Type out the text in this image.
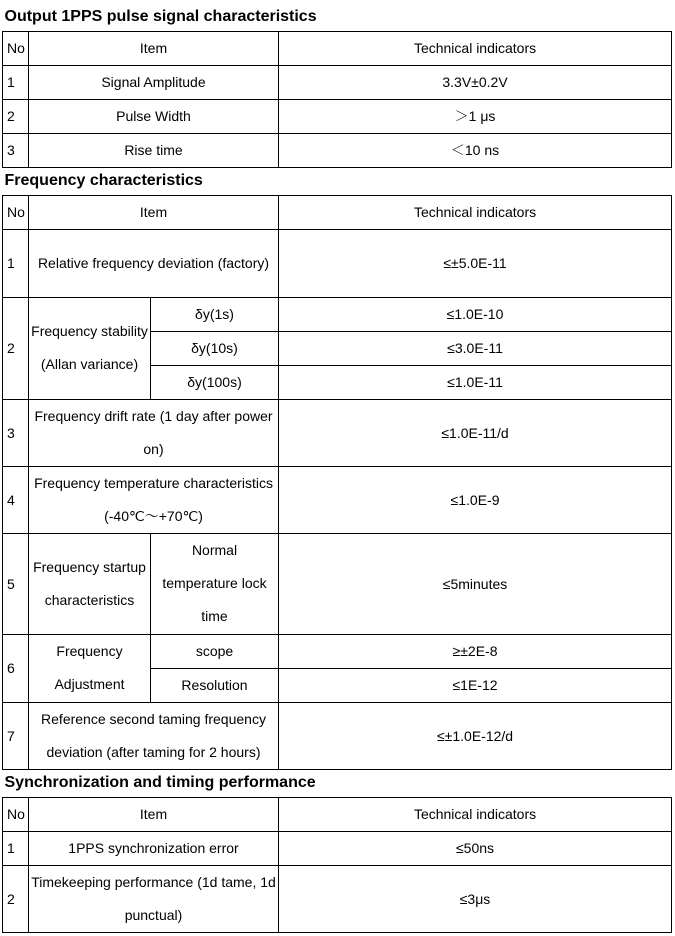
Output 1PPS pulse signal characteristics			
No	Item		Technical indicators
1	Signal Amplitude		3.3V±0.2V
2	Pulse Width		＞1 μs
3	Rise time		＜10 ns
Frequency characteristics			
No	Item		Technical indicators
1	Relative frequency deviation (factory)		≤±5.0E-11
2	Frequency stability (Allan variance)	δy(1s)	≤1.0E-10
		δy(10s)	≤3.0E-11
		δy(100s)	≤1.0E-11
3	Frequency drift rate (1 day after power on)		≤1.0E-11/d
4	Frequency temperature characteristics (-40℃～+70℃)		≤1.0E-9
5	Frequency startup characteristics	Normal temperature lock time	≤5minutes
6	Frequency Adjustment	scope	≥±2E-8
		Resolution	≤1E-12
7	Reference second taming frequency deviation (after taming for 2 hours)		≤±1.0E-12/d
Synchronization and timing performance			
No	Item		Technical indicators
1	1PPS synchronization error		≤50ns
2	Timekeeping performance (1d tame, 1d punctual)		≤3μs
